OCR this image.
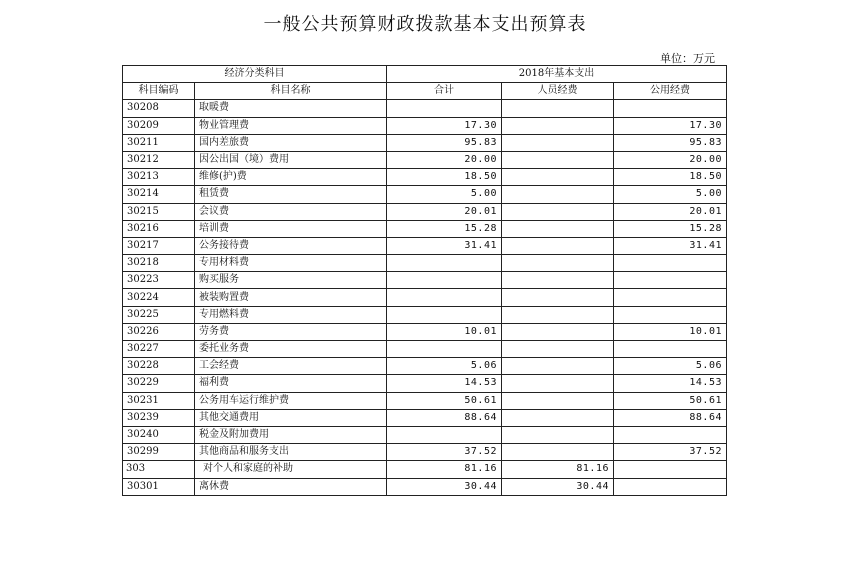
一般公共预算财政拨款基本支出预算表
单位：万元
经济分类科目		2018年基本支出		
科目编码	科目名称	合计	人员经费	公用经费
30208	取暖费			
30209	物业管理费	17.30		17.30
30211	国内差旅费	95.83		95.83
30212	因公出国（境）费用	20.00		20.00
30213	维修(护)费	18.50		18.50
30214	租赁费	5.00		5.00
30215	会议费	20.01		20.01
30216	培训费	15.28		15.28
30217	公务接待费	31.41		31.41
30218	专用材料费			
30223	购买服务			
30224	被装购置费			
30225	专用燃料费			
30226	劳务费	10.01		10.01
30227	委托业务费			
30228	工会经费	5.06		5.06
30229	福利费	14.53		14.53
30231	公务用车运行维护费	50.61		50.61
30239	其他交通费用	88.64		88.64
30240	税金及附加费用			
30299	其他商品和服务支出	37.52		37.52
303	对个人和家庭的补助	81.16	81.16	
30301	离休费	30.44	30.44	
